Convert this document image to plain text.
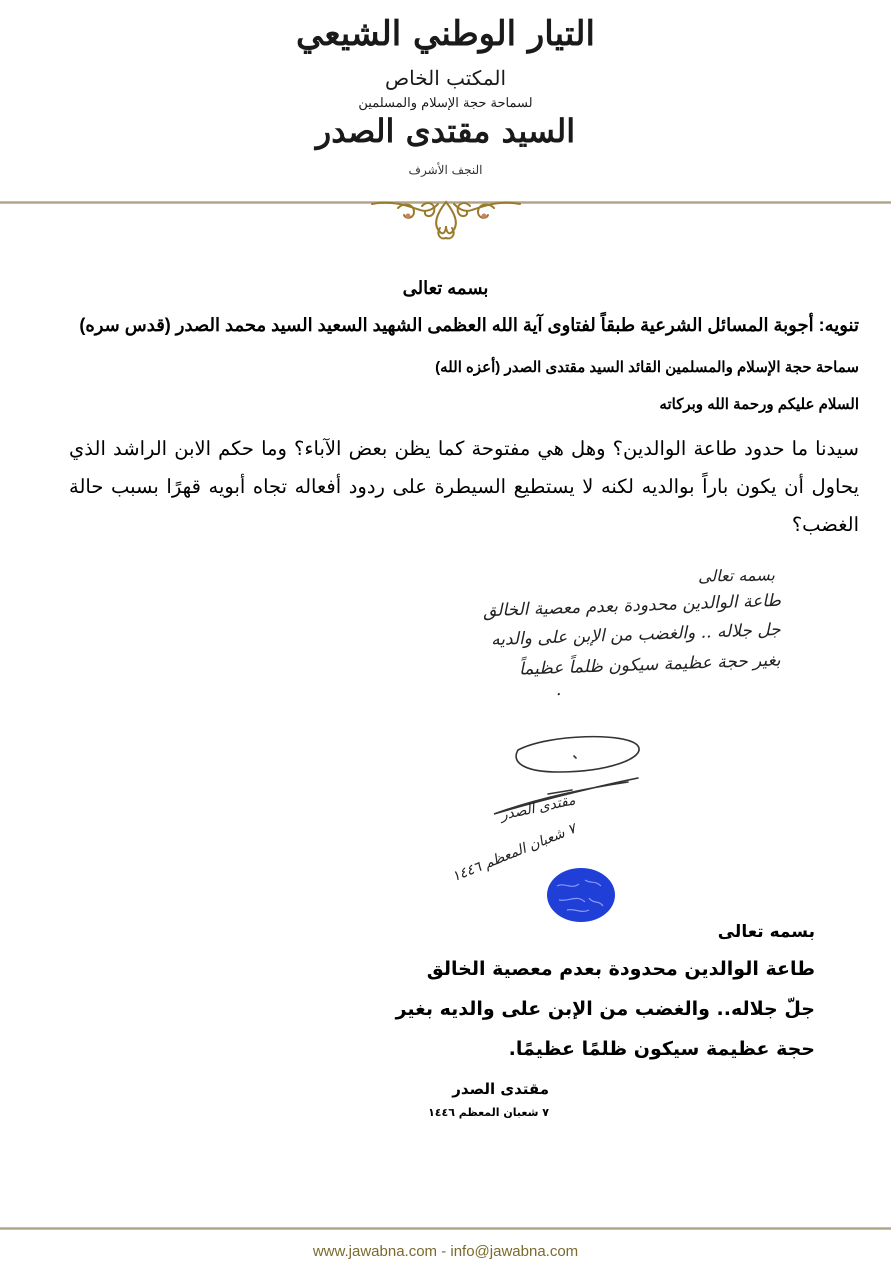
التيار الوطني الشيعي
المكتب الخاص
لسماحة حجة الإسلام والمسلمين
السيد مقتدى الصدر
النجف الأشرف
بسمه تعالى
تنويه: أجوبة المسائل الشرعية طبقاً لفتاوى آية الله العظمى الشهيد السعيد السيد محمد الصدر (قدس سره)
سماحة حجة الإسلام والمسلمين القائد السيد مقتدى الصدر (أعزه الله)
السلام عليكم ورحمة الله وبركاته
سيدنا ما حدود طاعة الوالدين؟ وهل هي مفتوحة كما يظن بعض الآباء؟ وما حكم الابن الراشد الذي يحاول أن يكون باراً بوالديه لكنه لا يستطيع السيطرة على ردود أفعاله تجاه أبويه قهرًا بسبب حالة الغضب؟
بسمه تعالى
طاعة الوالدين محدودة بعدم معصية الخالق
جل جلاله .. والغضب من الإبن على والديه
بغير حجة عظيمة سيكون ظلماً عظيماً
.
مقتدى الصدر
٧ شعبان المعظم ١٤٤٦
بسمه تعالى
طاعة الوالدين محدودة بعدم معصية الخالق
جلّ جلاله.. والغضب من الإبن على والديه بغير
حجة عظيمة سيكون ظلمًا عظيمًا.
مقتدى الصدر
٧ شعبان المعظم ١٤٤٦
www.jawabna.com - info@jawabna.com
